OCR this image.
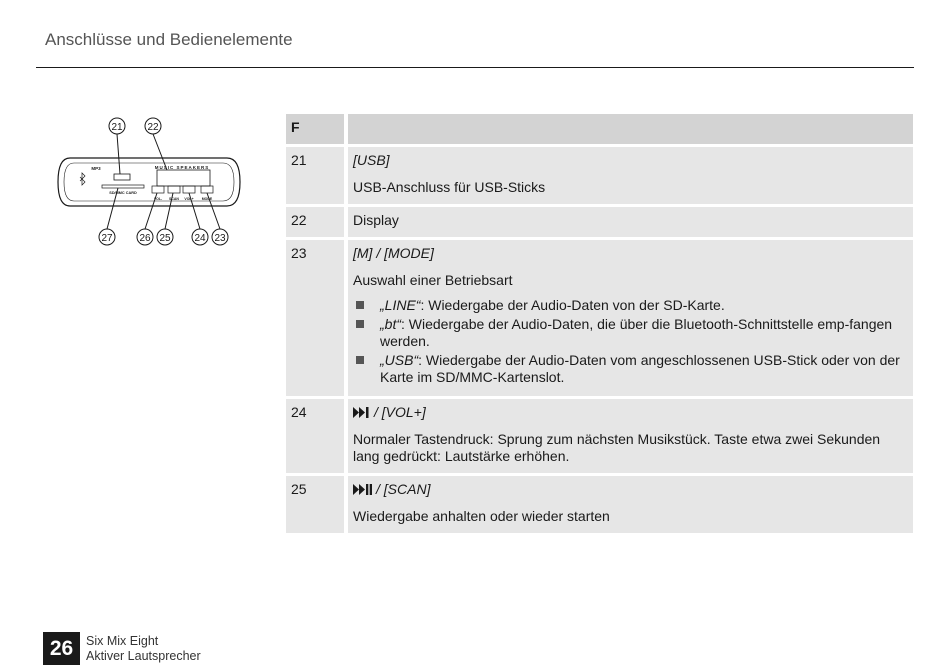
Anschlüsse und Bedienelemente
21 22
27	26 25 24 23
MP3	MUSIC SPEAKERS
SD/MMC CARD
VOL- SCAN VOL+ MODE
F

21	[USB]

USB-Anschluss für USB-Sticks

22	Display

23	[M] / [MODE]

Auswahl einer Betriebsart

„LINE“: Wiedergabe der Audio-Daten von der SD-Karte.
„bt“: Wiedergabe der Audio-Daten, die über die Bluetooth-Schnittstelle emp-fangen werden.
„USB“: Wiedergabe der Audio-Daten vom angeschlossenen USB-Stick oder von der Karte im SD/MMC-Kartenslot.
24	/ [VOL+]

Normaler Tastendruck: Sprung zum nächsten Musikstück. Taste etwa zwei Sekunden lang gedrückt: Lautstärke erhöhen.

25	/ [SCAN]

Wiedergabe anhalten oder wieder starten

26	Six Mix Eight
Aktiver Lautsprecher
